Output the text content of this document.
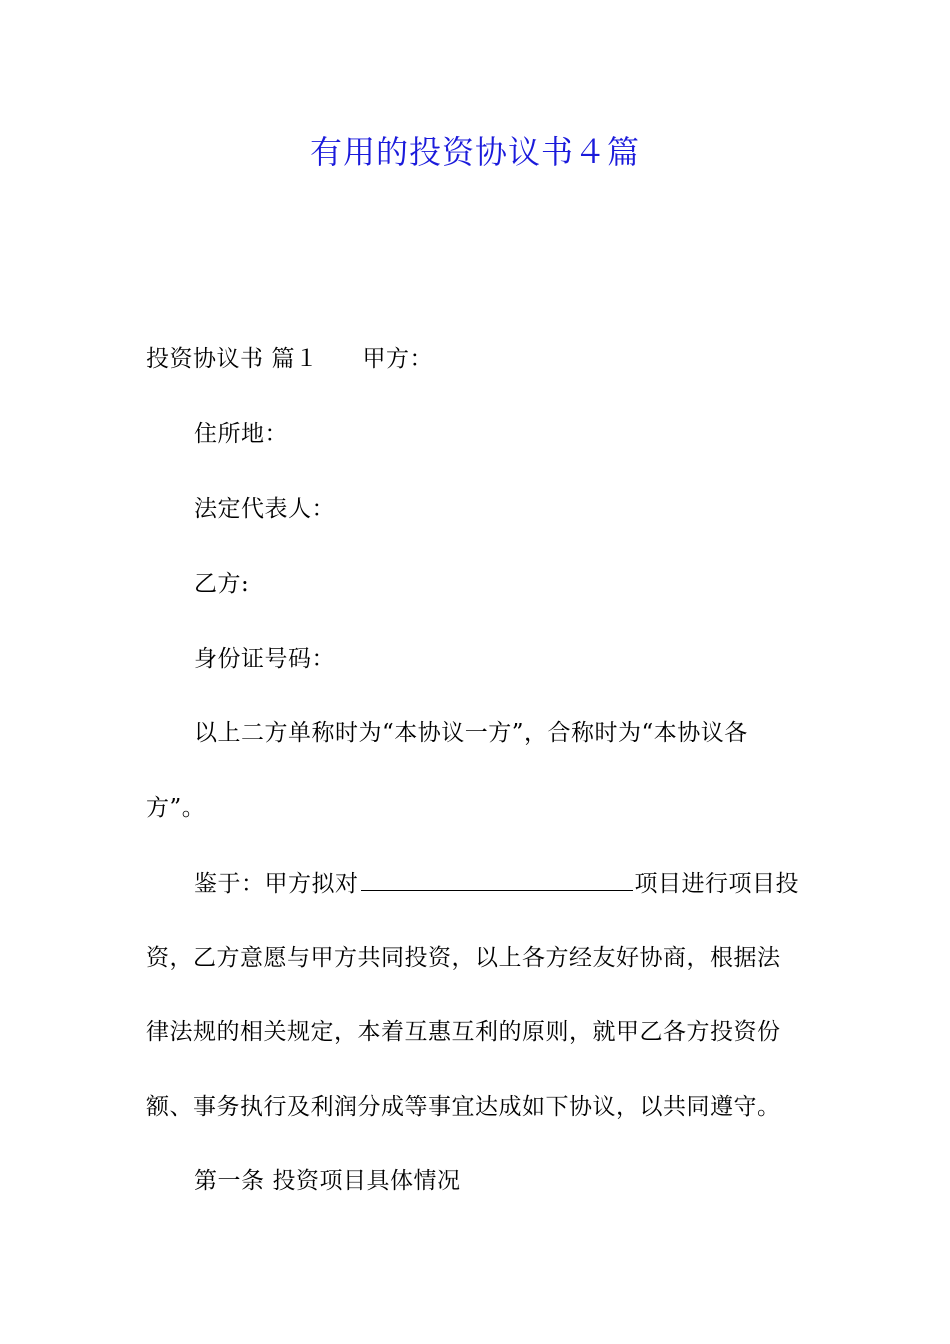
有用的投资协议书４篇
投资协议书 篇１ 甲方：
住所地：
法定代表人：
乙方:
身份证号码：
以上二方单称时为“本协议一方”，合称时为“本协议各
方”。
鉴于：甲方拟对	项目进行项目投
资，乙方意愿与甲方共同投资，以上各方经友好协商，根据法
律法规的相关规定，本着互惠互利的原则，就甲乙各方投资份
额、事务执行及利润分成等事宜达成如下协议，以共同遵守。
第一条 投资项目具体情况
